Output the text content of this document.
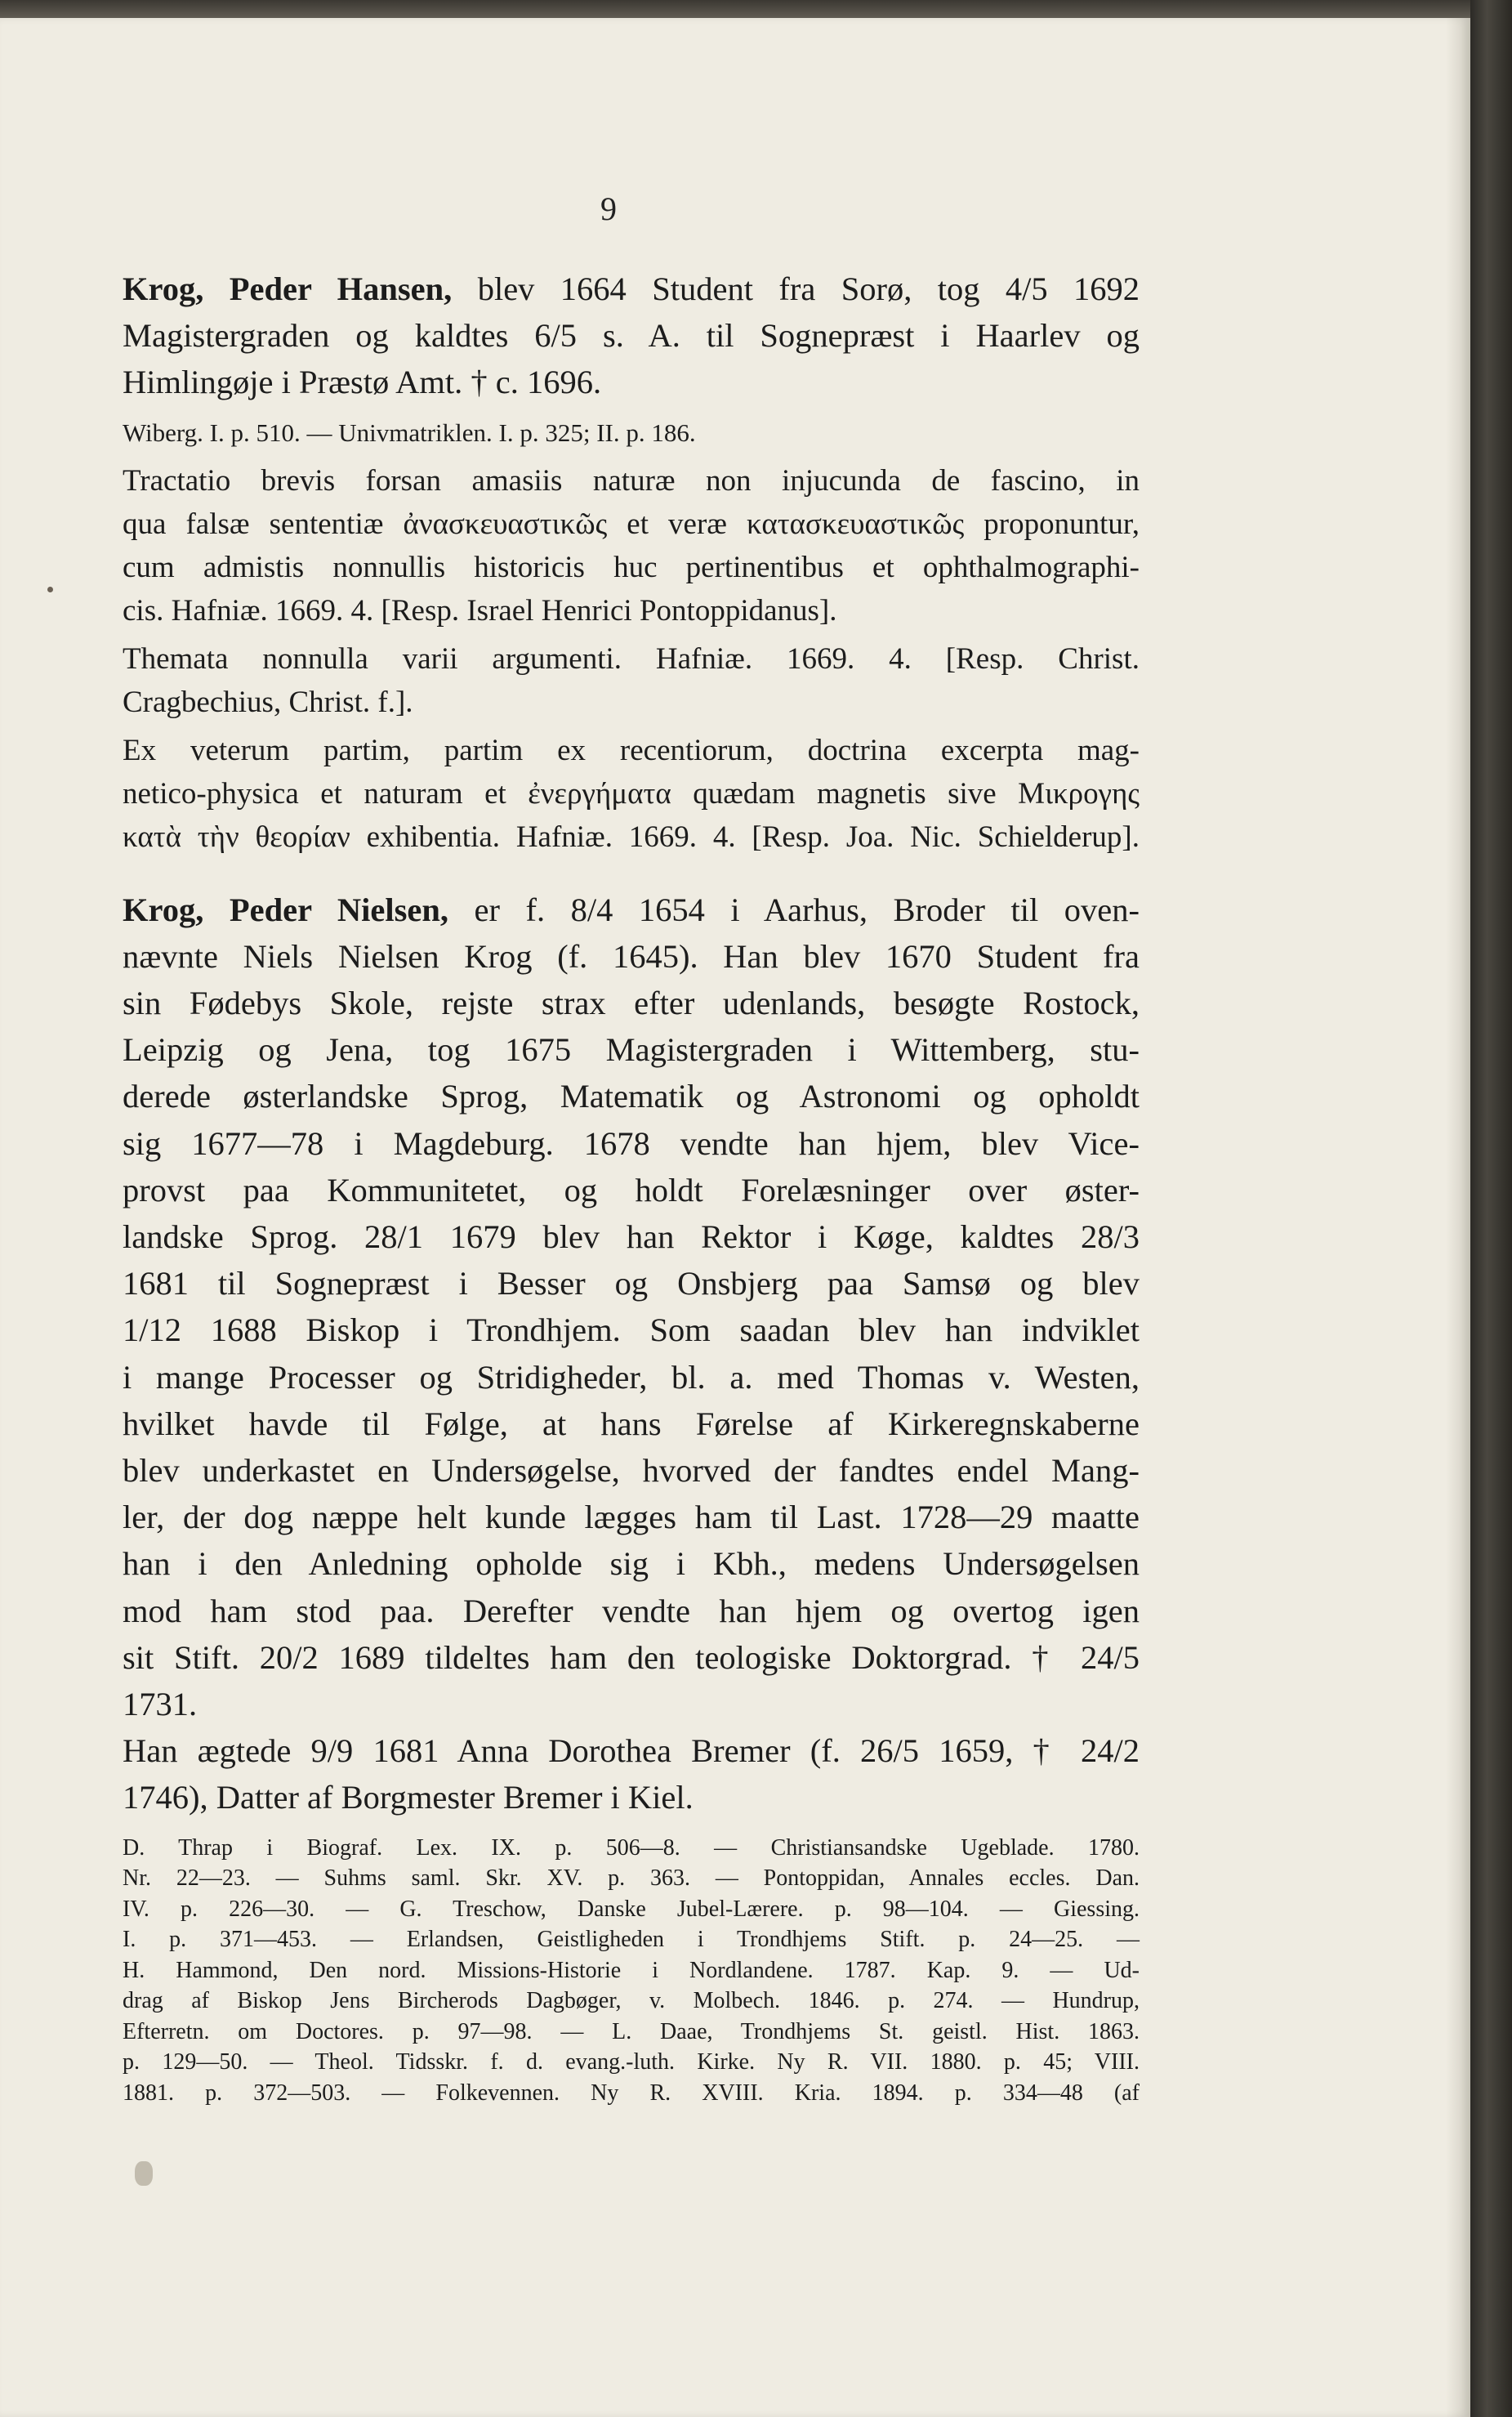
9
Krog, Peder Hansen, blev 1664 Student fra Sorø, tog 4/5 1692
Magistergraden og kaldtes 6/5 s. A. til Sognepræst i Haarlev og
Himlingøje i Præstø Amt. † c. 1696.
Wiberg. I. p. 510. — Univmatriklen. I. p. 325; II. p. 186.
Tractatio brevis forsan amasiis naturæ non injucunda de fascino, in
qua falsæ sententiæ ἀνασκευαστικῶς et veræ κατασκευαστικῶς proponuntur,
cum admistis nonnullis historicis huc pertinentibus et ophthalmographi-
cis. Hafniæ. 1669. 4. [Resp. Israel Henrici Pontoppidanus].
Themata nonnulla varii argumenti. Hafniæ. 1669. 4. [Resp. Christ.
Cragbechius, Christ. f.].
Ex veterum partim, partim ex recentiorum, doctrina excerpta mag-
netico-physica et naturam et ἐνεργήματα quædam magnetis sive Μικρογης
κατὰ τὴν θεορίαν exhibentia. Hafniæ. 1669. 4. [Resp. Joa. Nic. Schielderup].
Krog, Peder Nielsen, er f. 8/4 1654 i Aarhus, Broder til oven-
nævnte Niels Nielsen Krog (f. 1645). Han blev 1670 Student fra
sin Fødebys Skole, rejste strax efter udenlands, besøgte Rostock,
Leipzig og Jena, tog 1675 Magistergraden i Wittemberg, stu-
derede østerlandske Sprog, Matematik og Astronomi og opholdt
sig 1677—78 i Magdeburg. 1678 vendte han hjem, blev Vice-
provst paa Kommunitetet, og holdt Forelæsninger over øster-
landske Sprog. 28/1 1679 blev han Rektor i Køge, kaldtes 28/3
1681 til Sognepræst i Besser og Onsbjerg paa Samsø og blev
1/12 1688 Biskop i Trondhjem. Som saadan blev han indviklet
i mange Processer og Stridigheder, bl. a. med Thomas v. Westen,
hvilket havde til Følge, at hans Førelse af Kirkeregnskaberne
blev underkastet en Undersøgelse, hvorved der fandtes endel Mang-
ler, der dog næppe helt kunde lægges ham til Last. 1728—29 maatte
han i den Anledning opholde sig i Kbh., medens Undersøgelsen
mod ham stod paa. Derefter vendte han hjem og overtog igen
sit Stift. 20/2 1689 tildeltes ham den teologiske Doktorgrad. † 24/5
1731.
Han ægtede 9/9 1681 Anna Dorothea Bremer (f. 26/5 1659, † 24/2
1746), Datter af Borgmester Bremer i Kiel.
D. Thrap i Biograf. Lex. IX. p. 506—8. — Christiansandske Ugeblade. 1780.
Nr. 22—23. — Suhms saml. Skr. XV. p. 363. — Pontoppidan, Annales eccles. Dan.
IV. p. 226—30. — G. Treschow, Danske Jubel-Lærere. p. 98—104. — Giessing.
I. p. 371—453. — Erlandsen, Geistligheden i Trondhjems Stift. p. 24—25. —
H. Hammond, Den nord. Missions-Historie i Nordlandene. 1787. Kap. 9. — Ud-
drag af Biskop Jens Bircherods Dagbøger, v. Molbech. 1846. p. 274. — Hundrup,
Efterretn. om Doctores. p. 97—98. — L. Daae, Trondhjems St. geistl. Hist. 1863.
p. 129—50. — Theol. Tidsskr. f. d. evang.-luth. Kirke. Ny R. VII. 1880. p. 45; VIII.
1881. p. 372—503. — Folkevennen. Ny R. XVIII. Kria. 1894. p. 334—48 (af
